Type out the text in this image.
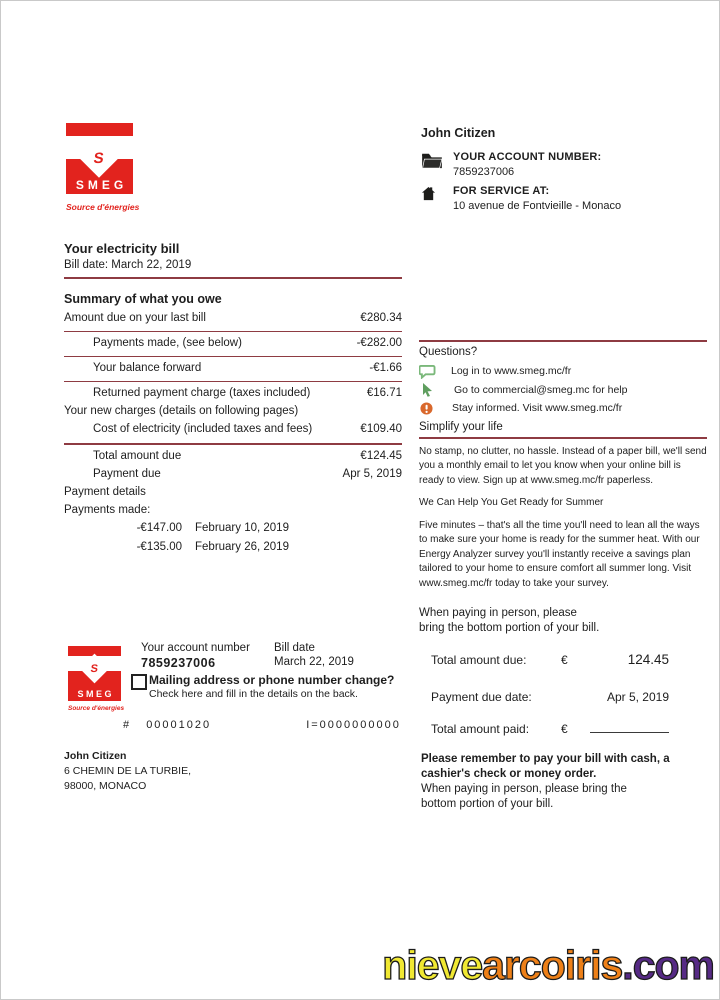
SMEG
S
Source d'énergies
John Citizen
YOUR ACCOUNT NUMBER:
7859237006
FOR SERVICE AT:
10 avenue de Fontvieille - Monaco
Your electricity bill
Bill date: March 22, 2019
Summary of what you owe
Amount due on your last bill	€280.34
Payments made, (see below)	-€282.00
Your balance forward	-€1.66
Returned payment charge (taxes included)	€16.71
Your new charges (details on following pages)
Cost of electricity (included taxes and fees)	€109.40
Total amount due	€124.45
Payment due	Apr 5, 2019
Payment details
Payments made:
-€147.00	February 10, 2019
-€135.00	February 26, 2019
Questions?
Log in to www.smeg.mc/fr
Go to commercial@smeg.mc for help
Stay informed. Visit www.smeg.mc/fr
Simplify your life

No stamp, no clutter, no hassle. Instead of a paper bill, we'll send you a monthly email to let you know when your online bill is ready to view. Sign up at www.smeg.mc/fr paperless.

We Can Help You Get Ready for Summer

Five minutes – that's all the time you'll need to lean all the ways to make sure your home is ready for the summer heat. With our Energy Analyzer survey you'll instantly receive a savings plan tailored to your home to ensure comfort all summer long. Visit www.smeg.mc/fr today to take your survey.

When paying in person, please
bring the bottom portion of your bill.
Total amount due:	€	124.45
Payment due date:	Apr 5, 2019
Total amount paid:	€
SMEG
S
Source d'énergies
Your account number
7859237006
Bill date
March 22, 2019
Mailing address or phone number change?
Check here and fill in the details on the back.
# 00001020	I=0000000000
John Citizen
6 CHEMIN DE LA TURBIE,
98000, MONACO
Please remember to pay your bill with cash, a
cashier's check or money order.
When paying in person, please bring the
bottom portion of your bill.
nievearcoiris.com
